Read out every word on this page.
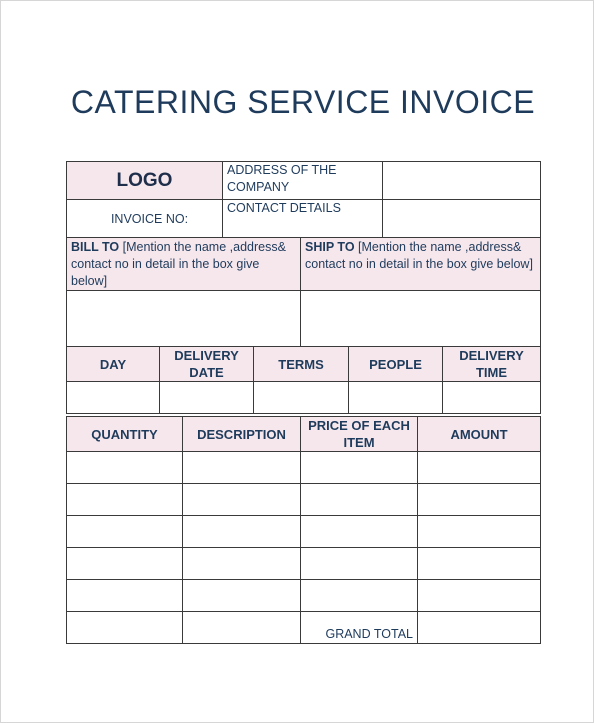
CATERING SERVICE INVOICE
LOGO	ADDRESS OF THE COMPANY	
INVOICE NO:	CONTACT DETAILS	
BILL TO [Mention the name ,address& contact no in detail in the box give below]	SHIP TO [Mention the name ,address& contact no in detail in the box give below]

DAY	DELIVERY DATE	TERMS	PEOPLE	DELIVERY TIME

QUANTITY	DESCRIPTION	PRICE OF EACH ITEM	AMOUNT

		GRAND TOTAL	
